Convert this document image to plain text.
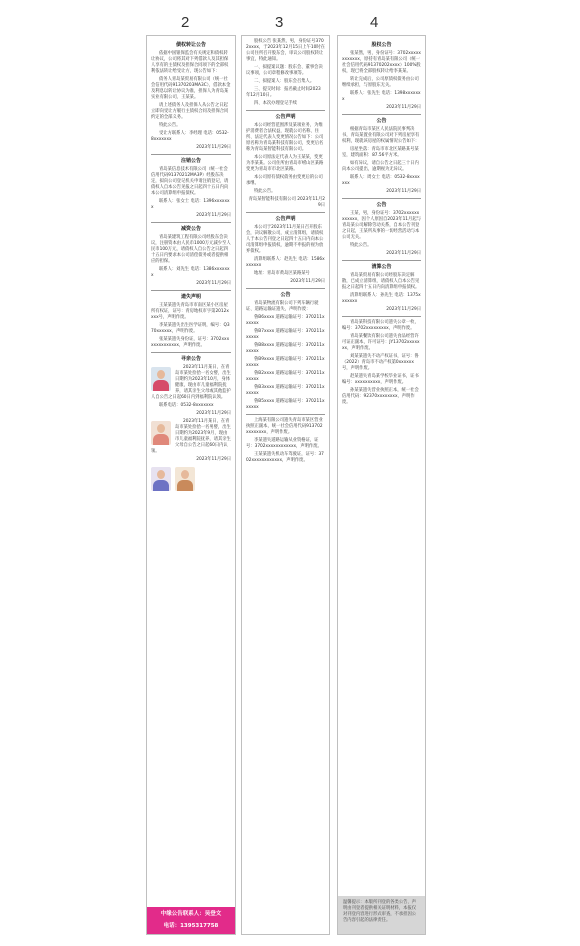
2	3	4
债权转让公告

依据中国银保监会有关规定和债权转让协议，公司将其对下列借款人及其担保人享有的主债权及担保合同项下的全部权利依法转让给受让方，现公告如下：

债务人青岛某贸易有限公司（统一社会信用代码91370203MA3C），借款本金及利息以转让协议为准，担保人为青岛某实业有限公司、王某某。

请上述债务人及担保人从公告之日起立即向受让方履行主债权合同及担保合同约定的全部义务。

特此公告。

受让方联系人：李经理 电话：0532-8xxxxxxx

2023年11月29日

注销公告

青岛某信息技术有限公司（统一社会信用代码91370212MA3P）经股东决定，拟向公司登记机关申请注销登记，请债权人自本公告见报之日起四十五日内向本公司清算组申报债权。

联系人：张女士 电话：1396xxxxxxx

2023年11月29日

减资公告

青岛某建筑工程有限公司经股东会决议，注册资本由人民币1000万元减少至人民币100万元，请债权人自公告之日起四十五日内要求本公司清偿债务或者提供相应的担保。

联系人：刘先生 电话：1386xxxxxxx

2023年11月29日

遗失声明

王某某遗失青岛市市南区某小区房屋所有权证，证号：青房地权市字第2012xxxx号，声明作废。

李某某遗失出生医学证明，编号：Q370xxxxxx，声明作废。

张某某遗失身份证，证号：3702xxxxxxxxxxxxxx，声明作废。

寻亲公告

2023年11月某日，在青岛市某处捡拾一名女婴，出生日期约为2023年10月，身体健康，现由市儿童福利院抚养，请其亲生父母或其他监护人自公告之日起60日内到福利院认领。

联系电话：0532-8xxxxxxx

2023年11月29日

2023年11月某日，在青岛市某处捡拾一名男婴，出生日期约为2023年9月，现由市儿童福利院抚养，请其亲生父母自公告之日起60日内认领。

2023年11月29日

中缘公告联系人：吴登文
电话：1395317758

股权公告 张某然，男，身份证号3702xxxx，于2023年12月15日上午10时在公司住所召开股东会，审议公司股权转让事宜，特此通知。

一、拟提案议题：股东会、董事会决议事项，公司章程修改事项等。

二、拟提案人：股东会召集人。

三、提交时间：报名截止时间2023年12月10日。

四、本次办理登记手续

公告声明

本公司经营范围涉及某项业务，为维护消费者合法权益，现就公司名称、住所、法定代表人变更情况公告如下：公司原名称为青岛某科技有限公司，变更后名称为青岛某智能科技有限公司。

本公司原法定代表人为王某某，变更为李某某。公司住所由青岛市崂山区某路变更为青岛市市北区某路。

本公司原有债权债务由变更后的公司承继。

特此公告。

青岛某智能科技有限公司 2023年11月29日

公告声明

本公司于2023年11月某日召开股东会，决议解散公司，成立清算组，请债权人于本公告刊登之日起四十五日内向本公司清算组申报债权，逾期不申报的视为放弃债权。

清算组联系人：赵先生 电话：1586xxxxxxx

地址：青岛市黄岛区某路某号

2023年11月29日

公告

青岛某物流有限公司下列车辆行驶证、道路运输证遗失，声明作废：

鲁B6xxxx 道路运输证号：370211xxxxxx

鲁B7xxxx 道路运输证号：370211xxxxxx

鲁B8xxxx 道路运输证号：370211xxxxxx

鲁B9xxxx 道路运输证号：370211xxxxxx

鲁B2xxxx 道路运输证号：370211xxxxxx

鲁B3xxxx 道路运输证号：370211xxxxxx

鲁B5xxxx 道路运输证号：370211xxxxxx

上海某有限公司遗失青岛市某区营业执照正副本，统一社会信用代码913702xxxxxxxx，声明作废。

李某遗失道路运输从业资格证，证号：3702xxxxxxxxxxxx，声明作废。

王某某遗失机动车驾驶证，证号：3702xxxxxxxxxxxx，声明作废。

股权公告

张某然，男，身份证号：3702xxxxxxxxxxxx，原持有青岛某有限公司（统一社会信用代码91370202xxxx）100%股权，现已将全部股权转让给李某某。

转让完成后，公司原债权债务由公司继续承担，与原股东无关。

联系人：张先生 电话：1398xxxxxxx

2023年11月29日

公告

根据青岛市某区人民法院民事判决书，青岛某置业有限公司对下列房屋享有权利，现就该房屋的权属情况公告如下：

房屋坐落：青岛市市北区某路某号某室，建筑面积：87.56平方米。

如有异议，请自公告之日起三十日内向本公司提出，逾期视为无异议。

联系人：周女士 电话：0532-8xxxxxxx

2023年11月29日

公告

王某，男，身份证号：3702xxxxxxxxxxxx，因个人原因自2023年11月起与青岛某公司解除劳动关系，自本公告刊登之日起，王某所从事的一切经营活动与本公司无关。

特此公告。

2023年11月29日

清算公告

青岛某贸易有限公司经股东决定解散，已成立清算组，请债权人自本公告见报之日起四十五日内向清算组申报债权。

清算组联系人：孙先生 电话：1375xxxxxxx

2023年11月29日

青岛某科技有限公司遗失公章一枚，编号：3702xxxxxxxxx，声明作废。

青岛某餐饮有限公司遗失食品经营许可证正副本，许可证号：JY13702xxxxxxx，声明作废。

刘某某遗失不动产权证书，证号：鲁（2022）青岛市不动产权第0xxxxxx号，声明作废。

赵某遗失青岛某学校毕业证书，证书编号：xxxxxxxxxx，声明作废。

孙某某遗失营业执照正本，统一社会信用代码：92370xxxxxxxx，声明作废。

温馨提示：本版所刊登的各类公告、声明由刊登者提供相关证明材料，本报仅对刊登内容进行形式审查，不承担因公告内容引起的法律责任。
